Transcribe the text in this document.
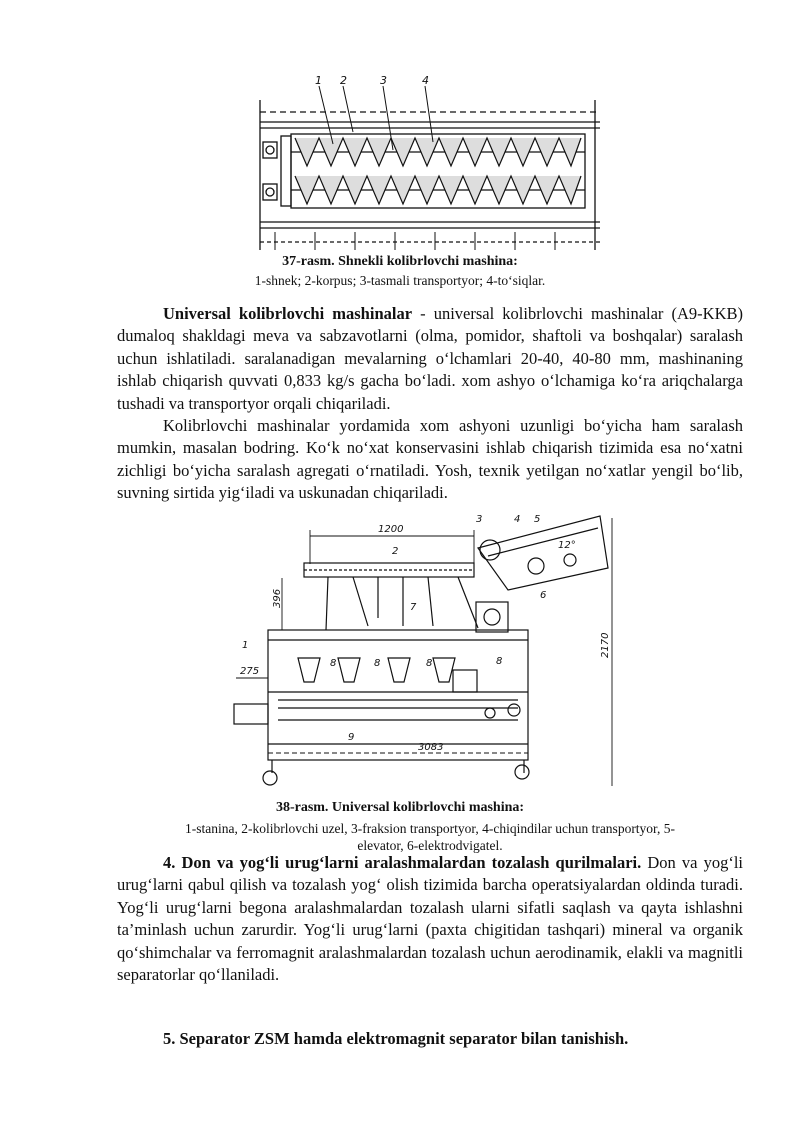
1 2	3	4
37-rasm. Shnekli kolibrlovchi mashina:
1-shnek; 2-korpus; 3-tasmali transportyor; 4-to‘siqlar.

Universal kolibrlovchi mashinalar - universal kolibrlovchi mashinalar (A9-KKB) dumaloq shakldagi meva va sabzavotlarni (olma, pomidor, shaftoli va boshqalar) saralash uchun ishlatiladi. saralanadigan mevalarning o‘lchamlari 20-40, 40-80 mm, mashinaning ishlab chiqarish quvvati 0,833 kg/s gacha bo‘ladi. xom ashyo o‘lchamiga ko‘ra ariqchalarga tushadi va transportyor orqali chiqariladi.

Kolibrlovchi mashinalar yordamida xom ashyoni uzunligi bo‘yicha ham saralash mumkin, masalan bodring. Ko‘k no‘xat konservasini ishlab chiqarish tizimida esa no‘xatni zichligi bo‘yicha saralash agregati o‘rnatiladi. Yosh, texnik yetilgan no‘xatlar yengil bo‘lib, suvning sirtida yig‘iladi va uskunadan chiqariladi.

1200
396
275
3083
2170
12°
1
2
3	4 5
6
7
8	8	8	8
9
38-rasm. Universal kolibrlovchi mashina:
1-stanina, 2-kolibrlovchi uzel, 3-fraksion transportyor, 4-chiqindilar uchun transportyor, 5-
elevator, 6-elektrodvigatel.

4. Don va yog‘li urug‘larni aralashmalardan tozalash qurilmalari. Don va yog‘li urug‘larni qabul qilish va tozalash yog‘ olish tizimida barcha operatsiyalardan oldinda turadi. Yog‘li urug‘larni begona aralashmalardan tozalash ularni sifatli saqlash va qayta ishlashni ta’minlash uchun zarurdir. Yog‘li urug‘larni (paxta chigitidan tashqari) mineral va organik qo‘shimchalar va ferromagnit aralashmalardan tozalash uchun aerodinamik, elakli va magnitli separatorlar qo‘llaniladi.

5. Separator ZSM hamda elektromagnit separator bilan tanishish.
